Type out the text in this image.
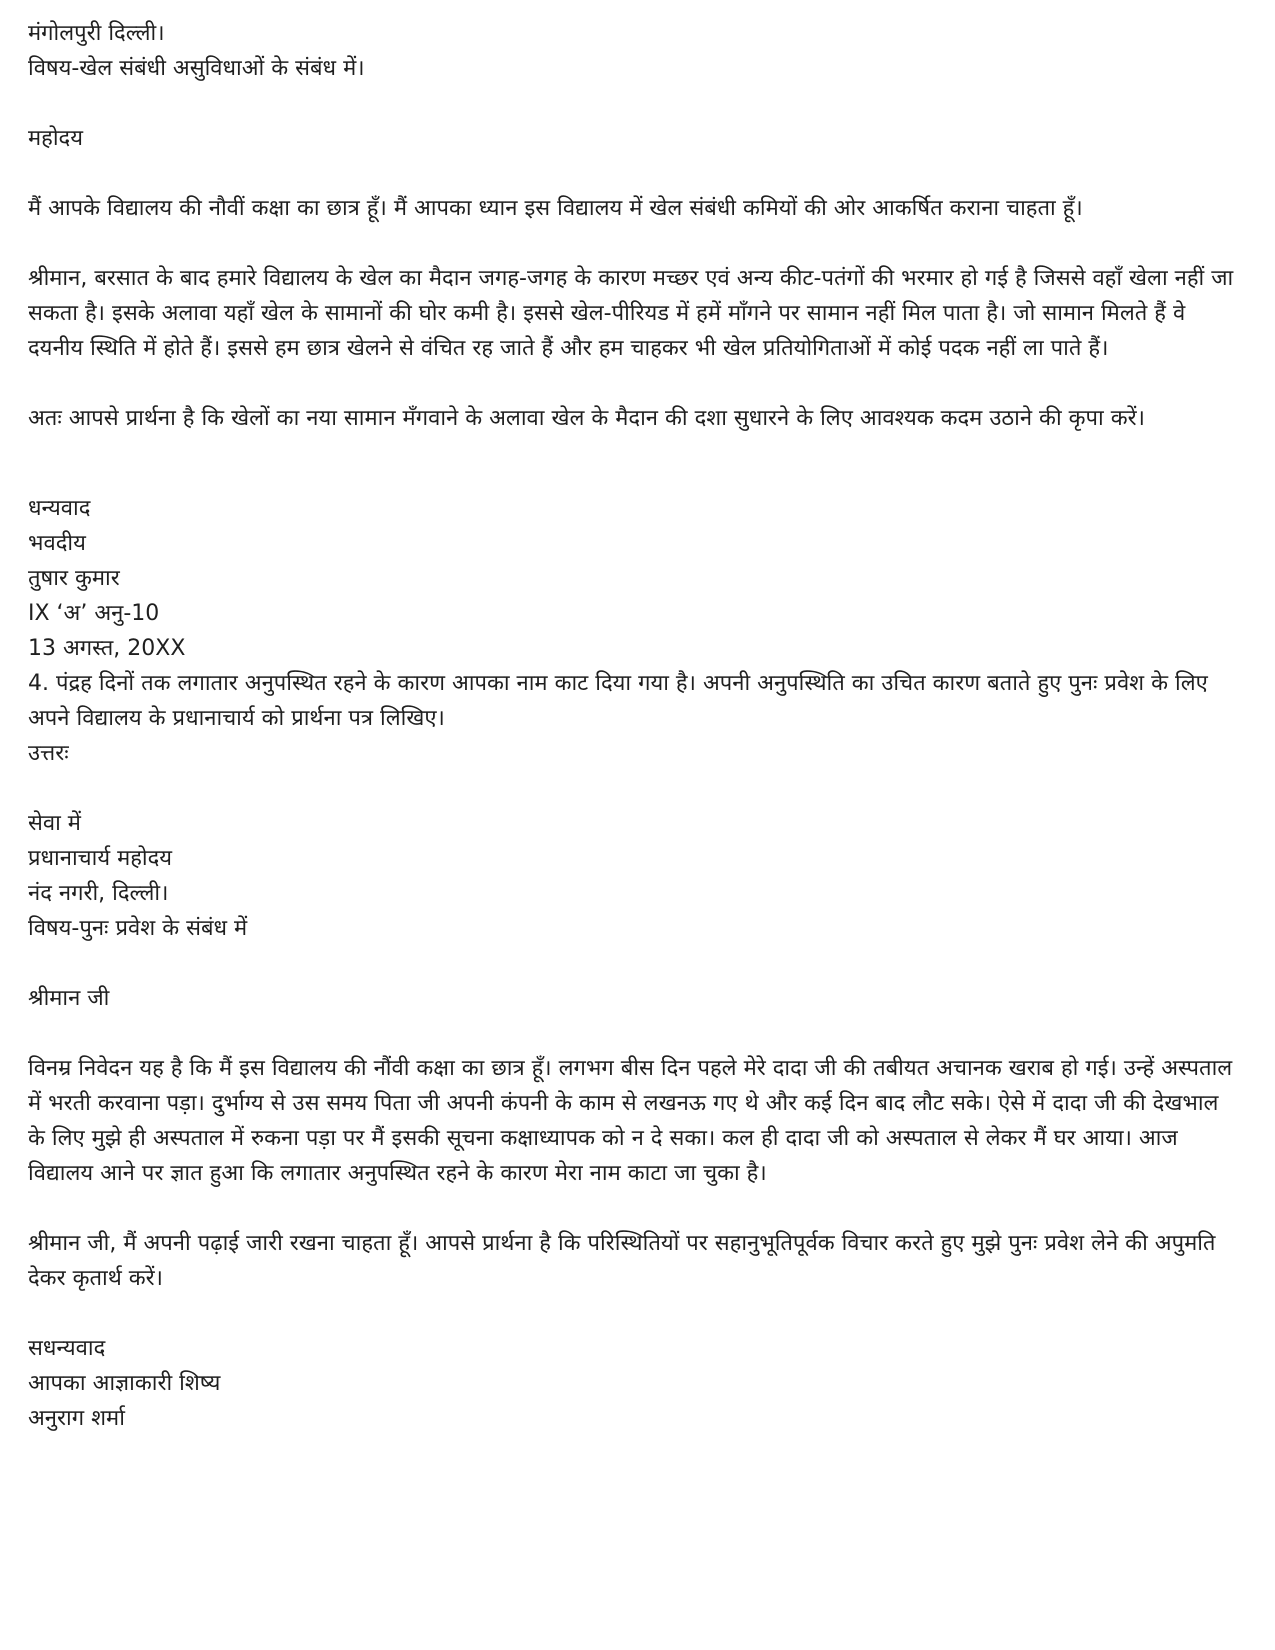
मंगोलपुरी दिल्ली।
विषय-खेल संबंधी असुविधाओं के संबंध में।
महोदय

मैं आपके विद्यालय की नौवीं कक्षा का छात्र हूँ। मैं आपका ध्यान इस विद्यालय में खेल संबंधी कमियों की ओर आकर्षित कराना चाहता हूँ।

श्रीमान, बरसात के बाद हमारे विद्यालय के खेल का मैदान जगह-जगह के कारण मच्छर एवं अन्य कीट-पतंगों की भरमार हो गई है जिससे वहाँ खेला नहीं जा सकता है। इसके अलावा यहाँ खेल के सामानों की घोर कमी है। इससे खेल-पीरियड में हमें माँगने पर सामान नहीं मिल पाता है। जो सामान मिलते हैं वे दयनीय स्थिति में होते हैं। इससे हम छात्र खेलने से वंचित रह जाते हैं और हम चाहकर भी खेल प्रतियोगिताओं में कोई पदक नहीं ला पाते हैं।

अतः आपसे प्रार्थना है कि खेलों का नया सामान मँगवाने के अलावा खेल के मैदान की दशा सुधारने के लिए आवश्यक कदम उठाने की कृपा करें।

धन्यवाद
भवदीय
तुषार कुमार
IX ‘अ’ अनु-10
13 अगस्त, 20XX

4. पंद्रह दिनों तक लगातार अनुपस्थित रहने के कारण आपका नाम काट दिया गया है। अपनी अनुपस्थिति का उचित कारण बताते हुए पुनः प्रवेश के लिए अपने विद्यालय के प्रधानाचार्य को प्रार्थना पत्र लिखिए।

उत्तरः
सेवा में
प्रधानाचार्य महोदय
नंद नगरी, दिल्ली।
विषय-पुनः प्रवेश के संबंध में
श्रीमान जी

विनम्र निवेदन यह है कि मैं इस विद्यालय की नौंवी कक्षा का छात्र हूँ। लगभग बीस दिन पहले मेरे दादा जी की तबीयत अचानक खराब हो गई। उन्हें अस्पताल में भरती करवाना पड़ा। दुर्भाग्य से उस समय पिता जी अपनी कंपनी के काम से लखनऊ गए थे और कई दिन बाद लौट सके। ऐसे में दादा जी की देखभाल के लिए मुझे ही अस्पताल में रुकना पड़ा पर मैं इसकी सूचना कक्षाध्यापक को न दे सका। कल ही दादा जी को अस्पताल से लेकर मैं घर आया। आज विद्यालय आने पर ज्ञात हुआ कि लगातार अनुपस्थित रहने के कारण मेरा नाम काटा जा चुका है।

श्रीमान जी, मैं अपनी पढ़ाई जारी रखना चाहता हूँ। आपसे प्रार्थना है कि परिस्थितियों पर सहानुभूतिपूर्वक विचार करते हुए मुझे पुनः प्रवेश लेने की अपुमति देकर कृतार्थ करें।

सधन्यवाद
आपका आज्ञाकारी शिष्य
अनुराग शर्मा
